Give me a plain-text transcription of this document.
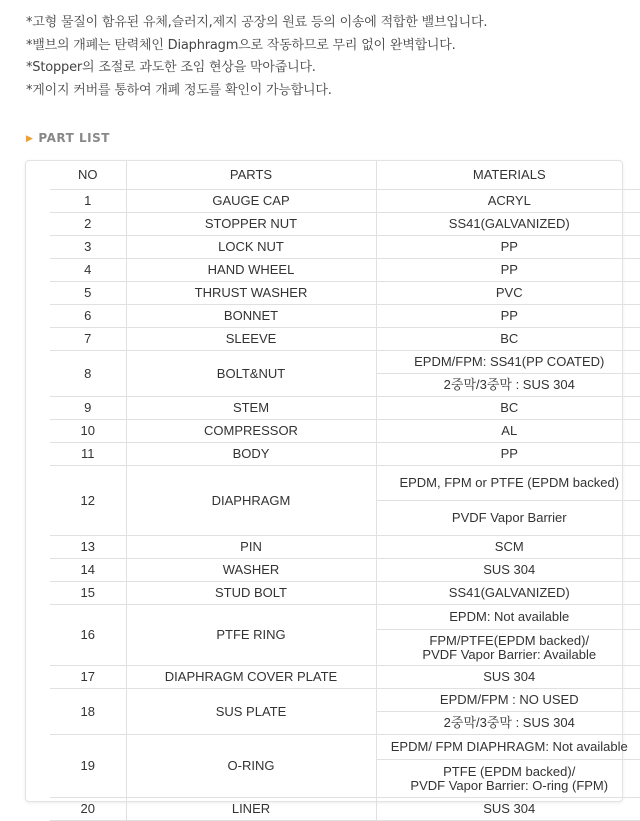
*고형 물질이 함유된 유체,슬러지,제지 공장의 원료 등의 이송에 적합한 밸브입니다.
*밸브의 개폐는 탄력체인 Diaphragm으로 작동하므로 무리 없이 완벽합니다.
*Stopper의 조절로 과도한 조임 현상을 막아줍니다.
*게이지 커버를 통하여 개폐 정도를 확인이 가능합니다.
▶ PART LIST
NO	PARTS	MATERIALS
1	GAUGE CAP	ACRYL
2	STOPPER NUT	SS41(GALVANIZED)
3	LOCK NUT	PP
4	HAND WHEEL	PP
5	THRUST WASHER	PVC
6	BONNET	PP
7	SLEEVE	BC
8	BOLT&NUT	EPDM/FPM: SS41(PP COATED)
		2중막/3중막 : SUS 304
9	STEM	BC
10	COMPRESSOR	AL
11	BODY	PP
12	DIAPHRAGM	EPDM, FPM or PTFE (EPDM backed)
		PVDF Vapor Barrier
13	PIN	SCM
14	WASHER	SUS 304
15	STUD BOLT	SS41(GALVANIZED)
16	PTFE RING	EPDM: Not available
		FPM/PTFE(EPDM backed)/
PVDF Vapor Barrier: Available
17	DIAPHRAGM COVER PLATE	SUS 304
18	SUS PLATE	EPDM/FPM : NO USED
		2중막/3중막 : SUS 304
19	O-RING	EPDM/ FPM DIAPHRAGM: Not available
		PTFE (EPDM backed)/
PVDF Vapor Barrier: O-ring (FPM)
20	LINER	SUS 304
